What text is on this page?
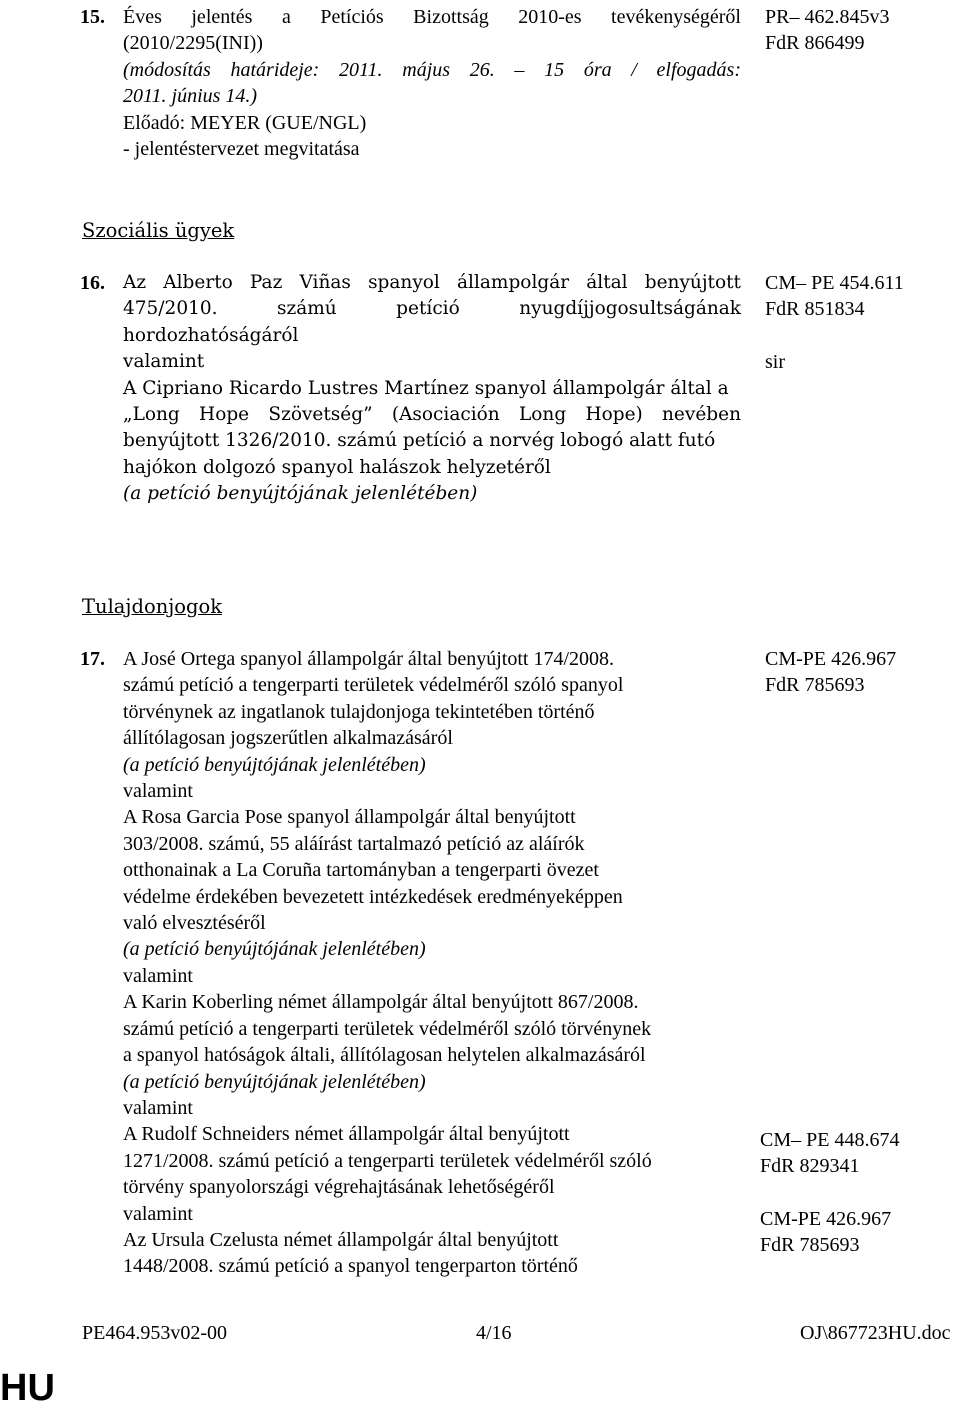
15. Éves jelentés a Petíciós Bizottság 2010-es tevékenységéről
(2010/2295(INI))
(módosítás határideje: 2011. május 26. – 15 óra / elfogadás:
2011. június 14.)
Előadó: MEYER (GUE/NGL)
- jelentéstervezet megvitatása
PR– 462.845v3
FdR 866499
Szociális ügyek
16. Az Alberto Paz Viñas spanyol állampolgár által benyújtott
475/2010. számú petíció nyugdíjjogosultságának
hordozhatóságáról
valamint
A Cipriano Ricardo Lustres Martínez spanyol állampolgár által a
„Long Hope Szövetség” (Asociación Long Hope) nevében
benyújtott 1326/2010. számú petíció a norvég lobogó alatt futó
hajókon dolgozó spanyol halászok helyzetéről
(a petíció benyújtójának jelenlétében)
CM– PE 454.611
FdR 851834
sir
Tulajdonjogok
17. A José Ortega spanyol állampolgár által benyújtott 174/2008.
számú petíció a tengerparti területek védelméről szóló spanyol
törvénynek az ingatlanok tulajdonjoga tekintetében történő
állítólagosan jogszerűtlen alkalmazásáról
(a petíció benyújtójának jelenlétében)
valamint
A Rosa Garcia Pose spanyol állampolgár által benyújtott
303/2008. számú, 55 aláírást tartalmazó petíció az aláírók
otthonainak a La Coruña tartományban a tengerparti övezet
védelme érdekében bevezetett intézkedések eredményeképpen
való elvesztéséről
(a petíció benyújtójának jelenlétében)
valamint
A Karin Koberling német állampolgár által benyújtott 867/2008.
számú petíció a tengerparti területek védelméről szóló törvénynek
a spanyol hatóságok általi, állítólagosan helytelen alkalmazásáról
(a petíció benyújtójának jelenlétében)
valamint
A Rudolf Schneiders német állampolgár által benyújtott
1271/2008. számú petíció a tengerparti területek védelméről szóló
törvény spanyolországi végrehajtásának lehetőségéről
valamint
Az Ursula Czelusta német állampolgár által benyújtott
1448/2008. számú petíció a spanyol tengerparton történő
CM-PE 426.967
FdR 785693
CM– PE 448.674
FdR 829341
CM-PE 426.967
FdR 785693
PE464.953v02-00	4/16	OJ\867723HU.doc
HU
